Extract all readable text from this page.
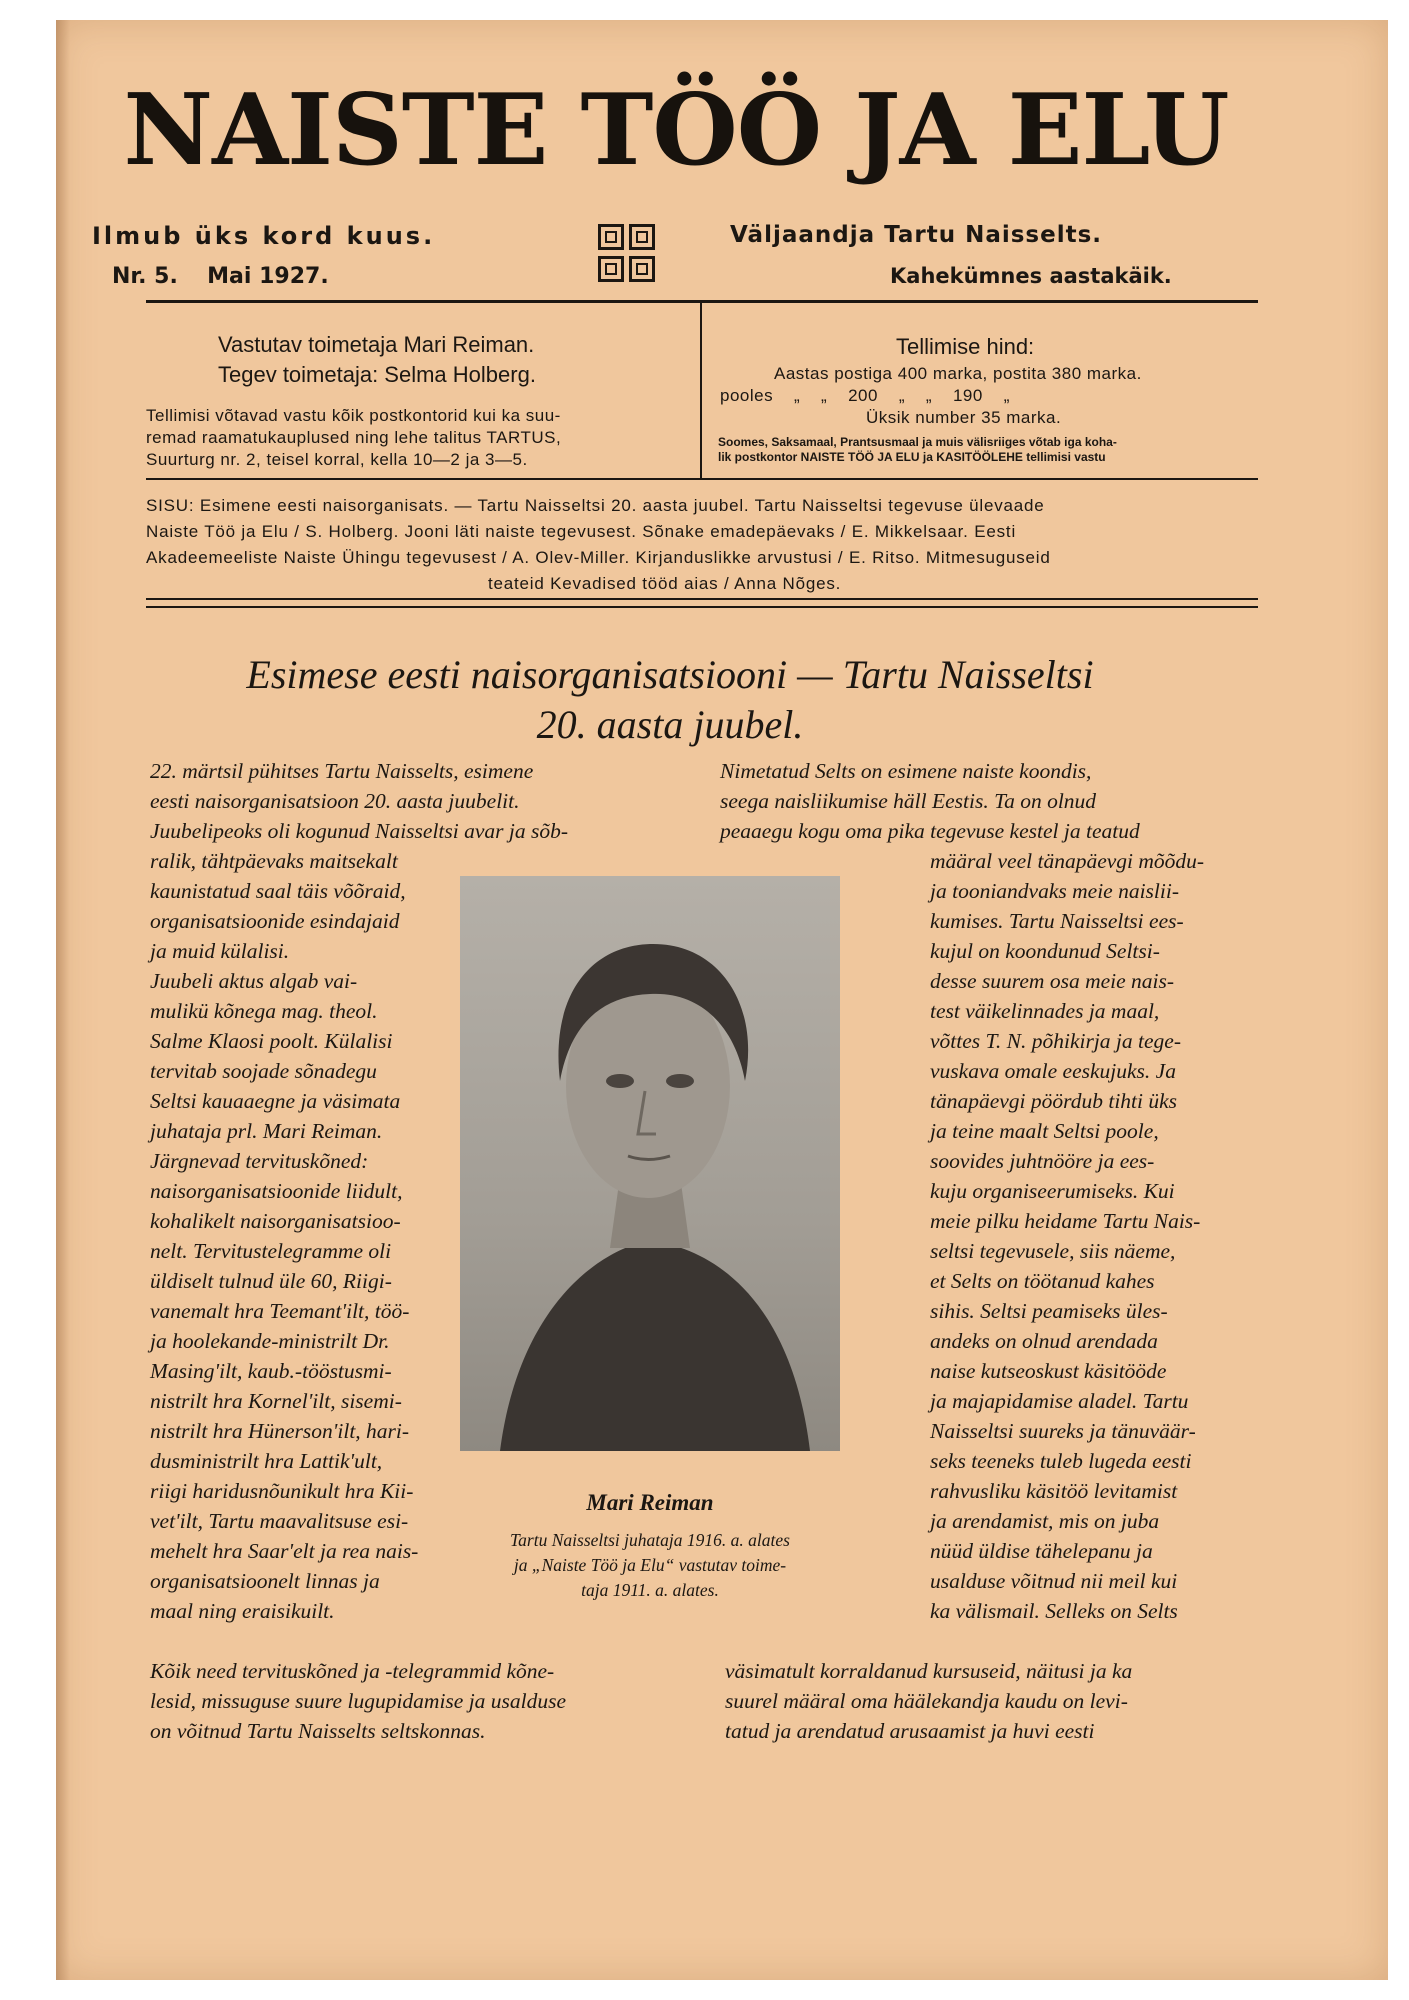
NAISTE TÖÖ JA ELU
Ilmub üks kord kuus.
Nr. 5. Mai 1927.
Väljaandja Tartu Naisselts.
Kahekümnes aastakäik.
Vastutav toimetaja Mari Reiman.
Tegev toimetaja: Selma Holberg.
Tellimisi võtavad vastu kõik postkontorid kui ka suu-
remad raamatukauplused ning lehe talitus TARTUS,
Suurturg nr. 2, teisel korral, kella 10—2 ja 3—5.
Tellimise hind:
Aastas postiga 400 marka, postita 380 marka.
pooles    „    „    200    „    „    190    „
Üksik number 35 marka.
Soomes, Saksamaal, Prantsusmaal ja muis välisriiges võtab iga koha-
lik postkontor NAISTE TÖÖ JA ELU ja KASITÖÖLEHE tellimisi vastu
SISU: Esimene eesti naisorganisats. — Tartu Naisseltsi 20. aasta juubel. Tartu Naisseltsi tegevuse ülevaade
Naiste Töö ja Elu / S. Holberg. Jooni läti naiste tegevusest. Sõnake emadepäevaks / E. Mikkelsaar. Eesti
Akadeemeeliste Naiste Ühingu tegevusest / A. Olev-Miller. Kirjanduslikke arvustusi / E. Ritso. Mitmesuguseid
teateid Kevadised tööd aias / Anna Nõges.
Esimese eesti naisorganisatsiooni — Tartu Naisseltsi
20. aasta juubel.
Mari Reiman
Tartu Naisseltsi juhataja 1916. a. alates
ja „Naiste Töö ja Elu“ vastutav toime-
taja 1911. a. alates.
22. märtsil pühitses Tartu Naisselts, esimene
eesti naisorganisatsioon 20. aasta juubelit.
Juubelipeoks oli kogunud Naisseltsi avar ja sõb-
ralik, tähtpäevaks maitsekalt
kaunistatud saal täis võõraid,
organisatsioonide esindajaid
ja muid külalisi.
Juubeli aktus algab vai-
mulikü kõnega mag. theol.
Salme Klaosi poolt. Külalisi
tervitab soojade sõnadegu
Seltsi kauaaegne ja väsimata
juhataja prl. Mari Reiman.
Järgnevad tervituskõned:
naisorganisatsioonide liidult,
kohalikelt naisorganisatsioo-
nelt. Tervitustelegramme oli
üldiselt tulnud üle 60, Riigi-
vanemalt hra Teemant'ilt, töö-
ja hoolekande-ministrilt Dr.
Masing'ilt, kaub.-tööstusmi-
nistrilt hra Kornel'ilt, sisemi-
nistrilt hra Hünerson'ilt, hari-
dusministrilt hra Lattik'ult,
riigi haridusnõunikult hra Kii-
vet'ilt, Tartu maavalitsuse esi-
mehelt hra Saar'elt ja rea nais-
organisatsioonelt linnas ja
maal ning eraisikuilt.
Kõik need tervituskõned ja -telegrammid kõne-
lesid, missuguse suure lugupidamise ja usalduse
on võitnud Tartu Naisselts seltskonnas.
Nimetatud Selts on esimene naiste koondis,
seega naisliikumise häll Eestis. Ta on olnud
peaaegu kogu oma pika tegevuse kestel ja teatud
määral veel tänapäevgi mõõdu-
ja tooniandvaks meie naislii-
kumises. Tartu Naisseltsi ees-
kujul on koondunud Seltsi-
desse suurem osa meie nais-
test väikelinnades ja maal,
võttes T. N. põhikirja ja tege-
vuskava omale eeskujuks. Ja
tänapäevgi pöördub tihti üks
ja teine maalt Seltsi poole,
soovides juhtnööre ja ees-
kuju organiseerumiseks. Kui
meie pilku heidame Tartu Nais-
seltsi tegevusele, siis näeme,
et Selts on töötanud kahes
sihis. Seltsi peamiseks üles-
andeks on olnud arendada
naise kutseoskust käsitööde
ja majapidamise aladel. Tartu
Naisseltsi suureks ja tänuväär-
seks teeneks tuleb lugeda eesti
rahvusliku käsitöö levitamist
ja arendamist, mis on juba
nüüd üldise tähelepanu ja
usalduse võitnud nii meil kui
ka välismail. Selleks on Selts
väsimatult korraldanud kursuseid, näitusi ja ka
suurel määral oma häälekandja kaudu on levi-
tatud ja arendatud arusaamist ja huvi eesti
